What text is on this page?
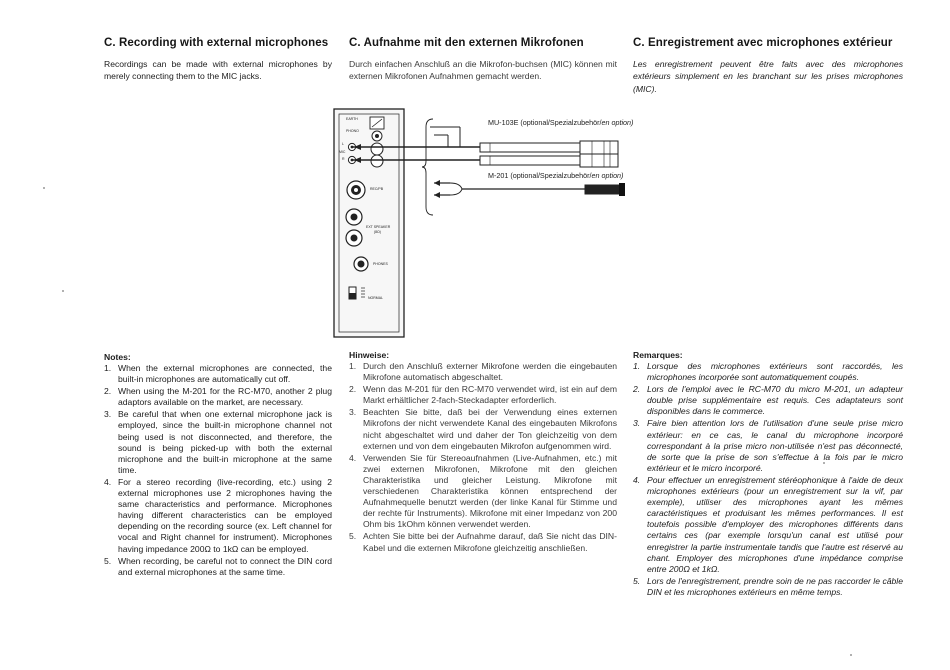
C. Recording with external microphones
Recordings can be made with external microphones by merely connecting them to the MIC jacks.
Notes:
1. When the external microphones are connected, the built-in microphones are automatically cut off.
2. When using the M-201 for the RC-M70, another 2 plug adaptors available on the market, are necessary.
3. Be careful that when one external microphone jack is employed, since the built-in microphone channel not being used is not disconnected, and therefore, the sound is being picked-up with both the external microphone and the built-in microphone at the same time.
4. For a stereo recording (live-recording, etc.) using 2 external microphones use 2 microphones having the same characteristics and performance. Microphones having different characteristics can be employed depending on the recording source (ex. Left channel for vocal and Right channel for instrument). Microphones having impedance 200Ω to 1kΩ can be employed.
5. When recording, be careful not to connect the DIN cord and external microphones at the same time.
C. Aufnahme mit den externen Mikrofonen
Durch einfachen Anschluß an die Mikrofon-buchsen (MIC) können mit externen Mikrofonen Aufnahmen gemacht werden.
Hinweise:
1. Durch den Anschluß externer Mikrofone werden die eingebauten Mikrofone automatisch abgeschaltet.
2. Wenn das M-201 für den RC-M70 verwendet wird, ist ein auf dem Markt erhältlicher 2-fach-Steckadapter erforderlich.
3. Beachten Sie bitte, daß bei der Verwendung eines externen Mikrofons der nicht verwendete Kanal des eingebauten Mikrofons nicht abgeschaltet wird und daher der Ton gleichzeitig von dem externen und von dem eingebauten Mikrofon aufgenommen wird.
4. Verwenden Sie für Stereoaufnahmen (Live-Aufnahmen, etc.) mit zwei externen Mikrofonen, Mikrofone mit den gleichen Charakteristika und gleicher Leistung. Mikrofone mit verschiedenen Charakteristika können entsprechend der Aufnahmequelle benutzt werden (der linke Kanal für Stimme und der rechte für Instruments). Mikrofone mit einer Impedanz von 200 Ohm bis 1kOhm können verwendet werden.
5. Achten Sie bitte bei der Aufnahme darauf, daß Sie nicht das DIN-Kabel und die externen Mikrofone gleichzeitig anschließen.
C. Enregistrement avec microphones extérieur
Les enregistrement peuvent être faits avec des microphones extérieurs simplement en les branchant sur les prises microphones (MIC).
Remarques:
1. Lorsque des microphones extérieurs sont raccordés, les microphones incorporée sont automatiquement coupés.
2. Lors de l'emploi avec le RC-M70 du micro M-201, un adapteur double prise supplémentaire est requis. Ces adaptateurs sont disponibles dans le commerce.
3. Faire bien attention lors de l'utilisation d'une seule prise micro extérieur: en ce cas, le canal du microphone incorporé correspondant à la prise micro non-utilisée n'est pas déconnecté, de sorte que la prise de son s'effectue à la fois par le micro extérieur et le micro incorporé.
4. Pour effectuer un enregistrement stéréophonique à l'aide de deux microphones extérieurs (pour un enregistrement sur la vif, par exemple), utiliser des microphones ayant les mêmes caractéristiques et produisant les mêmes performances. Il est toutefois possible d'employer des microphones différents dans certains ces (par exemple lorsqu'un canal est utilisé pour enregistrer la partie instrumentale tandis que l'autre est réservé au chant. Employer des microphones d'une impédance comprise entre 200Ω et 1kΩ.
5. Lors de l'enregistrement, prendre soin de ne pas raccorder le câble DIN et les microphones extérieurs en même temps.
MU-103E (optional/Spezialzubehör/en option)
M-201 (optional/Spezialzubehör/en option)
EARTH
PHONO
MIC
L
R
REC/PB
EXT SPEAKER
(8Ω)
PHONES
NORMAL
